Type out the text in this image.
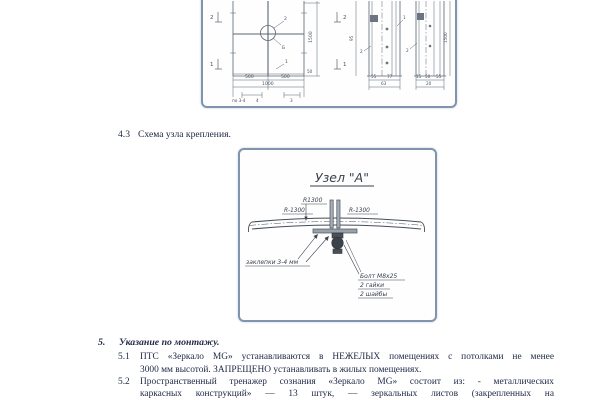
2
1
2
1
500	500
1000
по 3-4	4	3
1500
50
2
Б
1
55	77
63
95
1
2
15 50 55
20
1500
2

4.3 Схема узла крепления.

Узел "А"
R1300
R-1300	R-1300
заклепки 3-4 мм
Болт М8х25
2 гайки
2 шайбы
5. Указание по монтажу.
5.1 ПТС «Зеркало MG» устанавливаются в НЕЖЕЛЫХ помещениях с потолками не менее
3000 мм высотой. ЗАПРЕЩЕНО устанавливать в жилых помещениях.
5.2 Пространственный тренажер сознания «Зеркало MG» состоит из: - металлических
каркасных конструкций» — 13 штук, — зеркальных листов (закрепленных на
